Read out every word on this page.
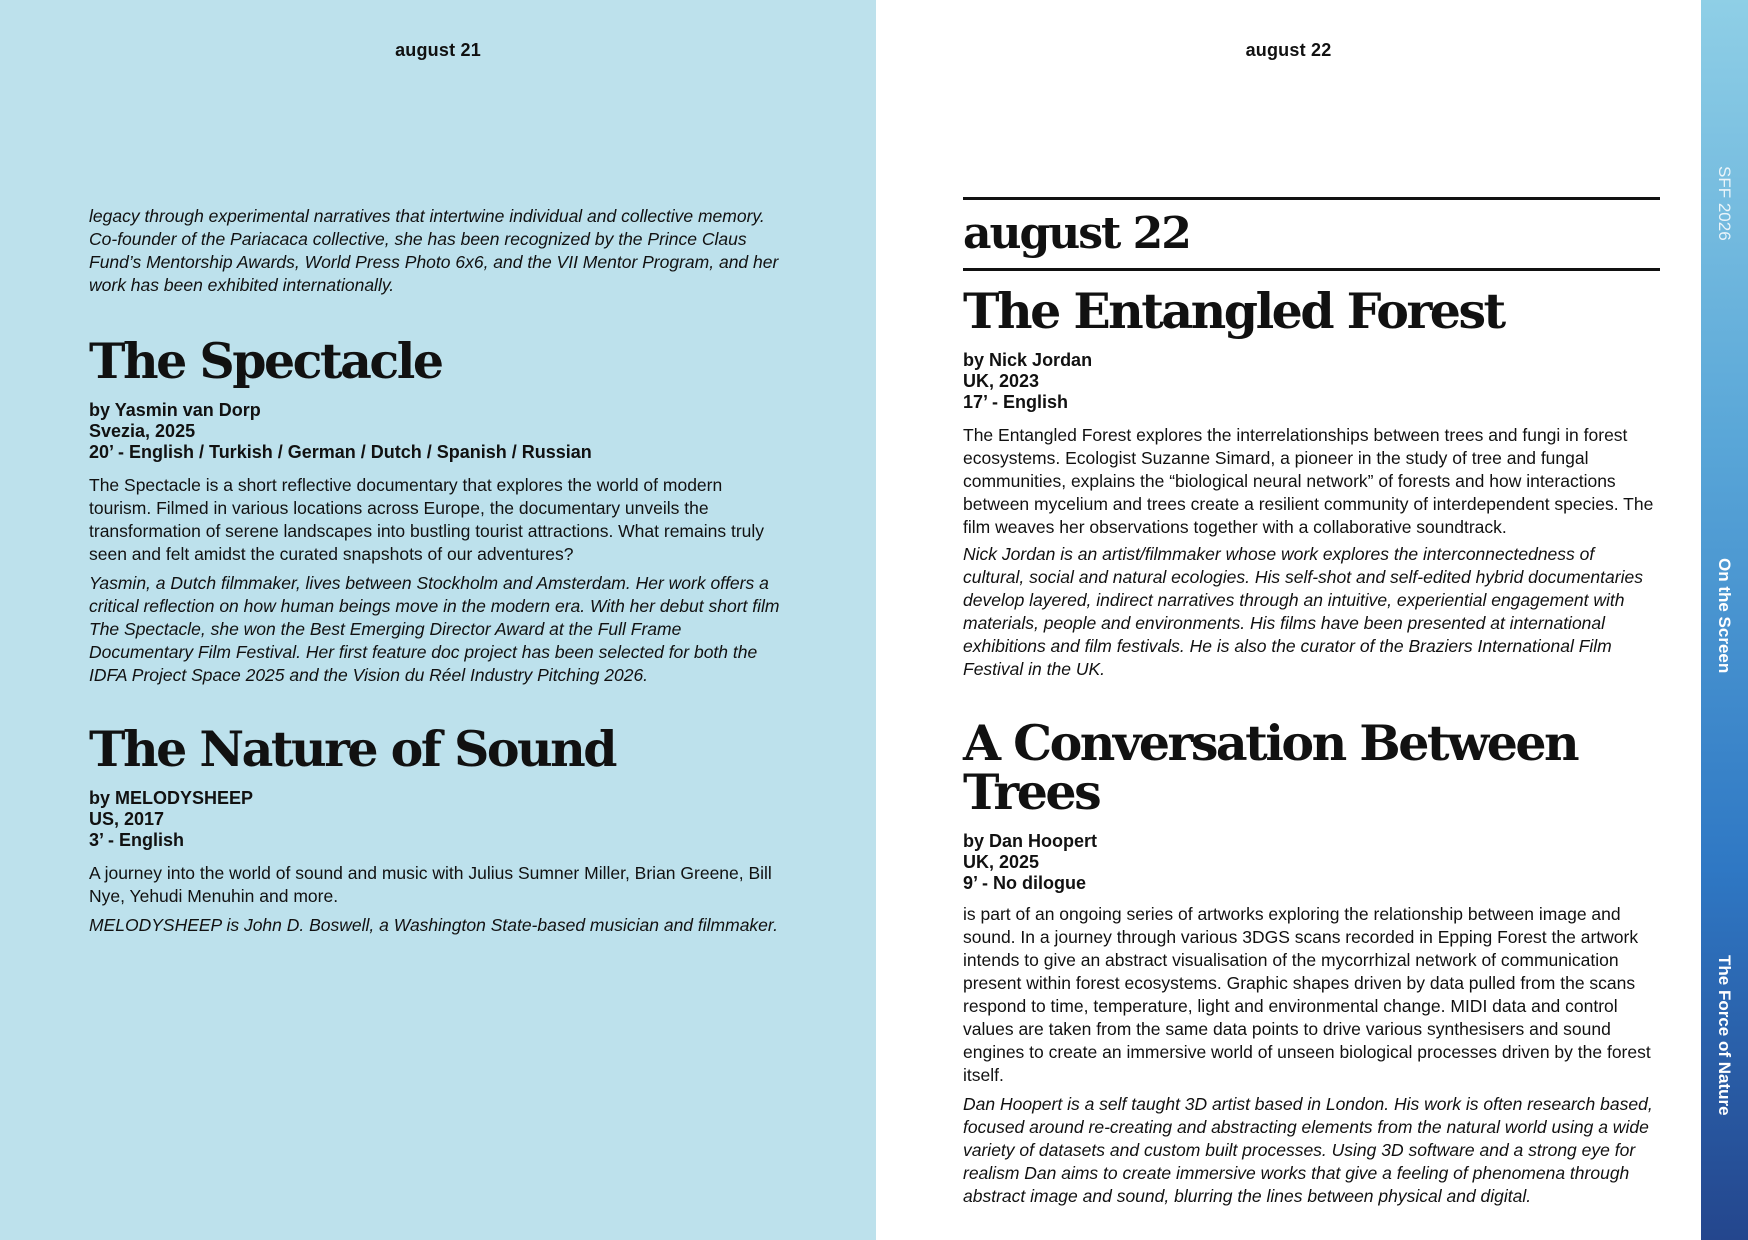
august 21	august 22

legacy through experimental narratives that intertwine individual and collective memory. Co-founder of the Pariacaca collective, she has been recognized by the Prince Claus Fund’s Mentorship Awards, World Press Photo 6x6, and the VII Mentor Program, and her work has been exhibited internationally.

The Spectacle
by Yasmin van Dorp
Svezia, 2025
20’ - English / Turkish / German / Dutch / Spanish / Russian

The Spectacle is a short reflective documentary that explores the world of modern tourism. Filmed in various locations across Europe, the documentary unveils the transformation of serene landscapes into bustling tourist attractions. What remains truly seen and felt amidst the curated snapshots of our adventures?

Yasmin, a Dutch filmmaker, lives between Stockholm and Amsterdam. Her work offers a critical reflection on how human beings move in the modern era. With her debut short film The Spectacle, she won the Best Emerging Director Award at the Full Frame Documentary Film Festival. Her first feature doc project has been selected for both the IDFA Project Space 2025 and the Vision du Réel Industry Pitching 2026.

The Nature of Sound
by MELODYSHEEP
US, 2017
3’ - English

A journey into the world of sound and music with Julius Sumner Miller, Brian Greene, Bill Nye, Yehudi Menuhin and more.

MELODYSHEEP is John D. Boswell, a Washington State-based musician and filmmaker.

august 22
The Entangled Forest
by Nick Jordan
UK, 2023
17’ - English

The Entangled Forest explores the interrelationships between trees and fungi in forest ecosystems. Ecologist Suzanne Simard, a pioneer in the study of tree and fungal communities, explains the “biological neural network” of forests and how interactions between mycelium and trees create a resilient community of interdependent species. The film weaves her observations together with a collaborative soundtrack.

Nick Jordan is an artist/filmmaker whose work explores the interconnectedness of cultural, social and natural ecologies. His self-shot and self-edited hybrid documentaries develop layered, indirect narratives through an intuitive, experiential engagement with materials, people and environments. His films have been presented at international exhibitions and film festivals. He is also the curator of the Braziers International Film Festival in the UK.

A Conversation Between Trees
by Dan Hoopert
UK, 2025
9’ - No dilogue

is part of an ongoing series of artworks exploring the relationship between image and sound. In a journey through various 3DGS scans recorded in Epping Forest the artwork intends to give an abstract visualisation of the mycorrhizal network of communication present within forest ecosystems. Graphic shapes driven by data pulled from the scans respond to time, temperature, light and environmental change. MIDI data and control values are taken from the same data points to drive various synthesisers and sound engines to create an immersive world of unseen biological processes driven by the forest itself.

Dan Hoopert is a self taught 3D artist based in London. His work is often research based, focused around re-creating and abstracting elements from the natural world using a wide variety of datasets and custom built processes. Using 3D software and a strong eye for realism Dan aims to create immersive works that give a feeling of phenomena through abstract image and sound, blurring the lines between physical and digital.

SFF 2026
On the Screen
The Force of Nature
